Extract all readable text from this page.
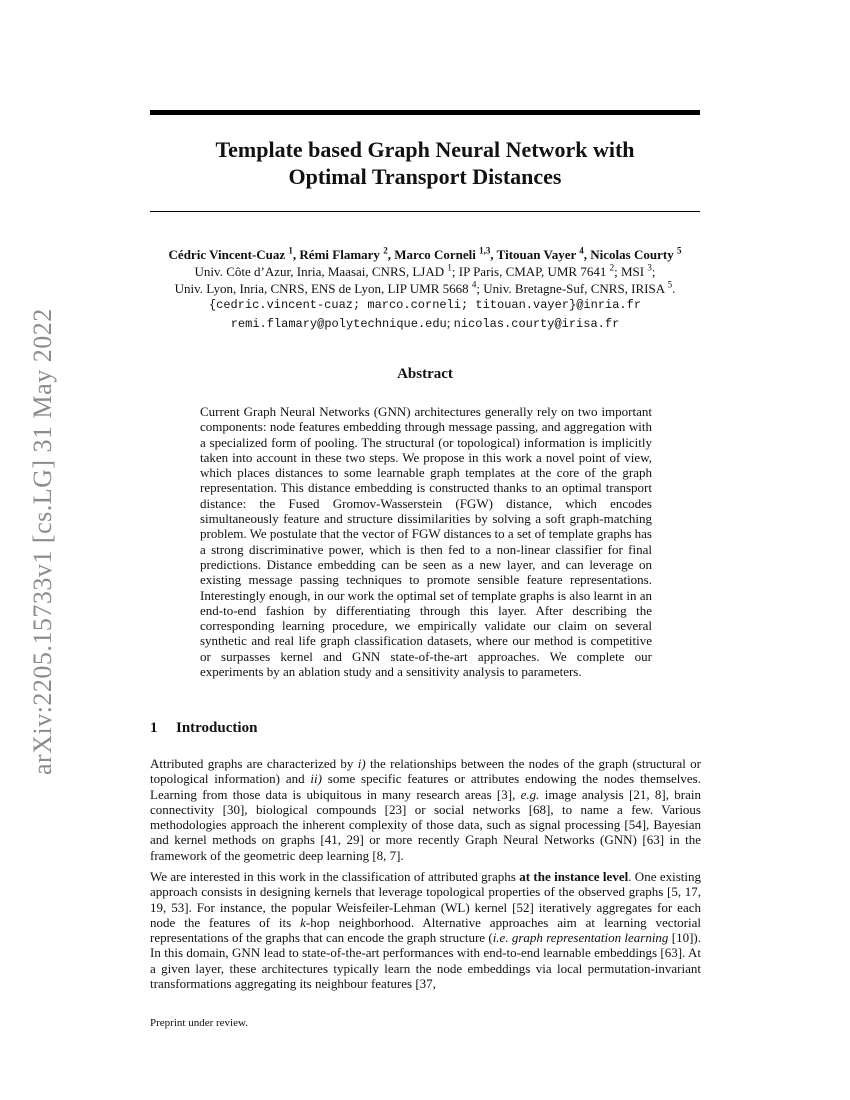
arXiv:2205.15733v1 [cs.LG] 31 May 2022
Template based Graph Neural Network with
Optimal Transport Distances
Cédric Vincent-Cuaz $^1$, Rémi Flamary $^2$, Marco Corneli $^{1,3}$, Titouan Vayer $^4$, Nicolas Courty $^5$
Univ. Côte d’Azur, Inria, Maasai, CNRS, LJAD $^1$; IP Paris, CMAP, UMR 7641 $^2$; MSI $^3$;
Univ. Lyon, Inria, CNRS, ENS de Lyon, LIP UMR 5668 $^4$; Univ. Bretagne-Suf, CNRS, IRISA $^5$.
{cedric.vincent-cuaz; marco.corneli; titouan.vayer}@inria.fr
remi.flamary@polytechnique.edu; nicolas.courty@irisa.fr
Abstract
Current Graph Neural Networks (GNN) architectures generally rely on two important components: node features embedding through message passing, and aggregation with a specialized form of pooling. The structural (or topological) information is implicitly taken into account in these two steps. We propose in this work a novel point of view, which places distances to some learnable graph templates at the core of the graph representation. This distance embedding is constructed thanks to an optimal transport distance: the Fused Gromov-Wasserstein (FGW) distance, which encodes simultaneously feature and structure dissimilarities by solving a soft graph-matching problem. We postulate that the vector of FGW distances to a set of template graphs has a strong discriminative power, which is then fed to a non-linear classifier for final predictions. Distance embedding can be seen as a new layer, and can leverage on existing message passing techniques to promote sensible feature representations. Interestingly enough, in our work the optimal set of template graphs is also learnt in an end-to-end fashion by differentiating through this layer. After describing the corresponding learning procedure, we empirically validate our claim on several synthetic and real life graph classification datasets, where our method is competitive or surpasses kernel and GNN state-of-the-art approaches. We complete our experiments by an ablation study and a sensitivity analysis to parameters.
1 Introduction
Attributed graphs are characterized by i) the relationships between the nodes of the graph (structural or topological information) and ii) some specific features or attributes endowing the nodes themselves. Learning from those data is ubiquitous in many research areas [3], e.g. image analysis [21, 8], brain connectivity [30], biological compounds [23] or social networks [68], to name a few. Various methodologies approach the inherent complexity of those data, such as signal processing [54], Bayesian and kernel methods on graphs [41, 29] or more recently Graph Neural Networks (GNN) [63] in the framework of the geometric deep learning [8, 7].
We are interested in this work in the classification of attributed graphs at the instance level. One existing approach consists in designing kernels that leverage topological properties of the observed graphs [5, 17, 19, 53]. For instance, the popular Weisfeiler-Lehman (WL) kernel [52] iteratively aggregates for each node the features of its k-hop neighborhood. Alternative approaches aim at learning vectorial representations of the graphs that can encode the graph structure (i.e. graph representation learning [10]). In this domain, GNN lead to state-of-the-art performances with end-to-end learnable embeddings [63]. At a given layer, these architectures typically learn the node embeddings via local permutation-invariant transformations aggregating its neighbour features [37,
Preprint under review.
